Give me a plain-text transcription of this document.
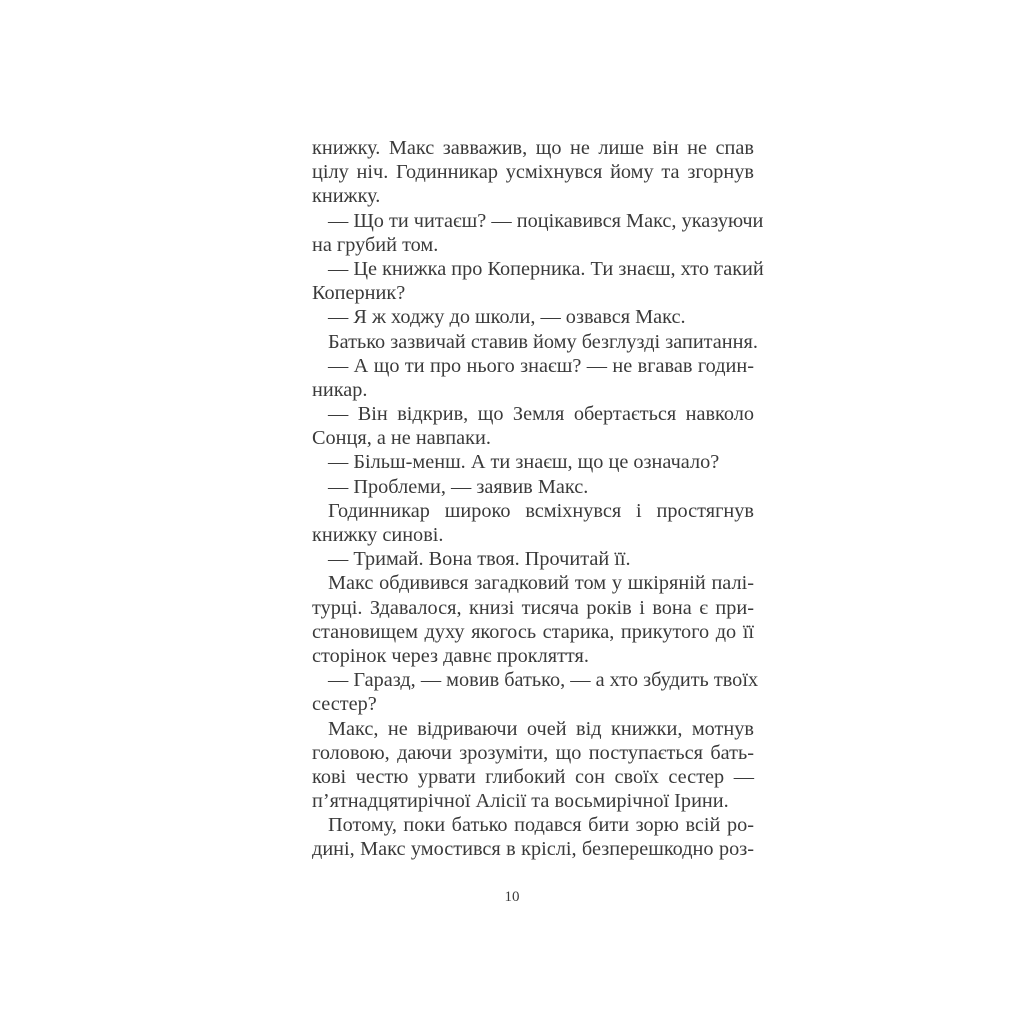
книжку. Макс завважив, що не лише він не спав
цілу ніч. Годинникар усміхнувся йому та згорнув
книжку.
— Що ти читаєш? — поцікавився Макс, указуючи
на грубий том.
— Це книжка про Коперника. Ти знаєш, хто такий
Коперник?
— Я ж ходжу до школи, — озвався Макс.
Батько зазвичай ставив йому безглузді запитання.
— А що ти про нього знаєш? — не вгавав годин-
никар.
— Він відкрив, що Земля обертається навколо
Сонця, а не навпаки.
— Більш-менш. А ти знаєш, що це означало?
— Проблеми, — заявив Макс.
Годинникар широко всміхнувся і простягнув
книжку синові.
— Тримай. Вона твоя. Прочитай її.
Макс обдивився загадковий том у шкіряній палі-
турці. Здавалося, книзі тисяча років і вона є при-
становищем духу якогось старика, прикутого до її
сторінок через давнє прокляття.
— Гаразд, — мовив батько, — а хто збудить твоїх
сестер?
Макс, не відриваючи очей від книжки, мотнув
головою, даючи зрозуміти, що поступається бать-
кові честю урвати глибокий сон своїх сестер —
п’ятнадцятирічної Алісії та восьмирічної Ірини.
Потому, поки батько подався бити зорю всій ро-
дині, Макс умостився в кріслі, безперешкодно роз-
10
